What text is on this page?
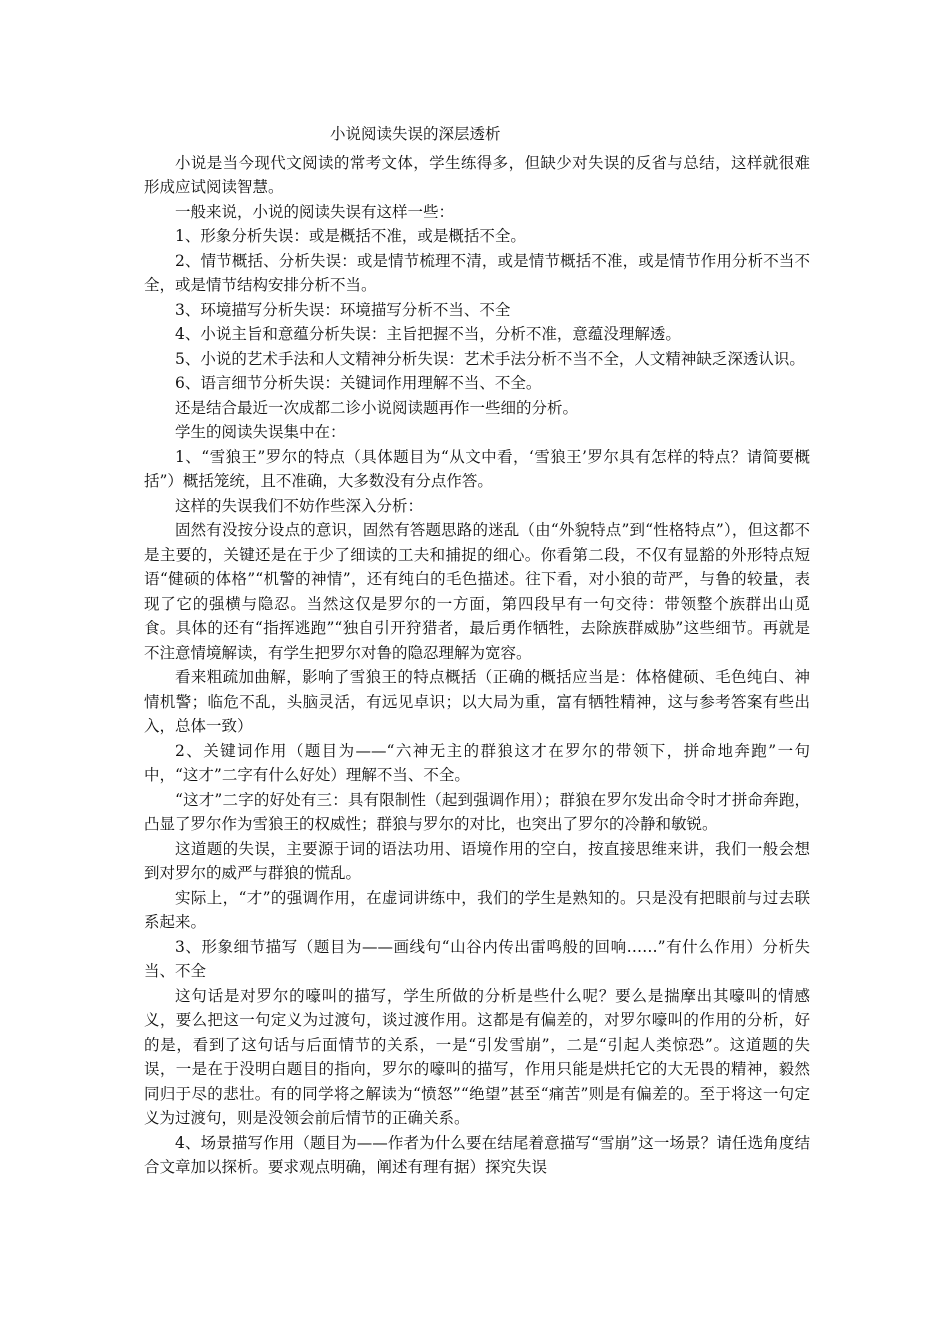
小说阅读失误的深层透析

小说是当今现代文阅读的常考文体，学生练得多，但缺少对失误的反省与总结，这样就很难形成应试阅读智慧。

一般来说，小说的阅读失误有这样一些：

1、形象分析失误：或是概括不准，或是概括不全。

2、情节概括、分析失误：或是情节梳理不清，或是情节概括不准，或是情节作用分析不当不全，或是情节结构安排分析不当。

3、环境描写分析失误：环境描写分析不当、不全

4、小说主旨和意蕴分析失误：主旨把握不当，分析不准，意蕴没理解透。

5、小说的艺术手法和人文精神分析失误：艺术手法分析不当不全，人文精神缺乏深透认识。

6、语言细节分析失误：关键词作用理解不当、不全。

还是结合最近一次成都二诊小说阅读题再作一些细的分析。

学生的阅读失误集中在：

1、“雪狼王”罗尔的特点（具体题目为“从文中看，‘雪狼王’罗尔具有怎样的特点？请简要概括”）概括笼统，且不准确，大多数没有分点作答。

这样的失误我们不妨作些深入分析：

固然有没按分设点的意识，固然有答题思路的迷乱（由“外貌特点”到“性格特点”），但这都不是主要的，关键还是在于少了细读的工夫和捕捉的细心。你看第二段，不仅有显豁的外形特点短语“健硕的体格”“机警的神情”，还有纯白的毛色描述。往下看，对小狼的苛严，与鲁的较量，表现了它的强横与隐忍。当然这仅是罗尔的一方面，第四段早有一句交待：带领整个族群出山觅食。具体的还有“指挥逃跑”“独自引开狩猎者，最后勇作牺牲，去除族群威胁”这些细节。再就是不注意情境解读，有学生把罗尔对鲁的隐忍理解为宽容。

看来粗疏加曲解，影响了雪狼王的特点概括（正确的概括应当是：体格健硕、毛色纯白、神情机警；临危不乱，头脑灵活，有远见卓识；以大局为重，富有牺牲精神，这与参考答案有些出入，总体一致）

2、关键词作用（题目为——“六神无主的群狼这才在罗尔的带领下，拼命地奔跑”一句中，“这才”二字有什么好处）理解不当、不全。

“这才”二字的好处有三：具有限制性（起到强调作用）；群狼在罗尔发出命令时才拼命奔跑，凸显了罗尔作为雪狼王的权威性；群狼与罗尔的对比，也突出了罗尔的冷静和敏锐。

这道题的失误，主要源于词的语法功用、语境作用的空白，按直接思维来讲，我们一般会想到对罗尔的威严与群狼的慌乱。

实际上，“才”的强调作用，在虚词讲练中，我们的学生是熟知的。只是没有把眼前与过去联系起来。

3、形象细节描写（题目为——画线句“山谷内传出雷鸣般的回响……”有什么作用）分析失当、不全

这句话是对罗尔的嚎叫的描写，学生所做的分析是些什么呢？要么是揣摩出其嚎叫的情感义，要么把这一句定义为过渡句，谈过渡作用。这都是有偏差的，对罗尔嚎叫的作用的分析，好的是，看到了这句话与后面情节的关系，一是“引发雪崩”，二是“引起人类惊恐”。这道题的失误，一是在于没明白题目的指向，罗尔的嚎叫的描写，作用只能是烘托它的大无畏的精神，毅然同归于尽的悲壮。有的同学将之解读为“愤怒”“绝望”甚至“痛苦”则是有偏差的。至于将这一句定义为过渡句，则是没领会前后情节的正确关系。

4、场景描写作用（题目为——作者为什么要在结尾着意描写“雪崩”这一场景？请任选角度结合文章加以探析。要求观点明确，阐述有理有据）探究失误
